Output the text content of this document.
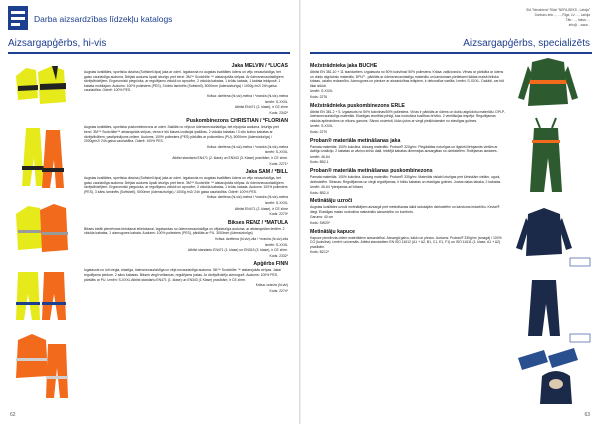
Darba aizsardzības līdzekļu katalogs
Aizsargapģērbs, hi-vis
Jaka MELVIN / *LUCAS

Augstas kvalitātes, sportiska dizaina (Softshell-tipa) jaka ar oderi. Izgatavota no augstas kvalitātes ūdens un vēju necaurlaidīga, bet gaisu caurlaidīga auduma. Ārējais audums ūpaši izturīgs pret berzi. 3M™ Scotchlite ™ atstarojošās strīpas. Ar ūdensnecaurlaidīgiem rāvējslēdzējiem. Ergonomiski pieguloša, ar regulējamu vidukli un aprocēm, 2 vidukļa kabatas, 1 krūšu kabata, 1 kabata iekšpusē, 1 kabata mobilajam. Audums: 100% poliesters (PES), 3 kārtu laminēts (Softshell), 5000mm (ūdensizturīgs) / 1000g /m2/ 24h gaisa caurlaidība. Oderē: 100% PES.

Krāsa: dzeltena (hi-viz)-melna / *oranža (hi-viz)-melna

Izmēri: S-XXXL

Atbilst EN471 (2. klase), ir CE zīme

Kods: 2342*

Puskombinezons CHRISTIAN / *FLORIAN

Augstas kvalitātes, sportiska puskombinezons ar oderi. Saklāts no vēja un ūdensnecaurlaidīga, bet elpojoša auduma. Izturīgs pret berzi. 3M™ Scotchlite™ atstarojošās strīpas, viena ir tūš klases izolācijai ipašības. 2 vidukļa kabatas / 3 citu kutiņu kabatas ar rāvējslēdžiem, pastiprinājums ceļiem. Audums: 100% poliesters (PES) pārklāts ar poliuretānu (PU), 5000mm (ūdensizturīgs) / 2000g/m2/ 24h gaisa caurlaidība. Oderē: 100% PES.

Krāsa: dzeltena (hi-viz)-melna / *oranža (hi-viz)-melna

Izmēri: S-XXXL

Atbilst standartu EN471 (2. klase) un EN343 (3. Klase) prasībām, ir CE zīme.

Kods: 2271*

Jaka SAM / *BILL

Augstas kvalitātes, sportiska dizaina (Softshell-tipa) jaka ar oderi. Izgatavota no augstas kvalitātes ūdens un vēju necaurlaidīga, bet gaisu caurlaidīga auduma. Ārējais audums ūpaši izturīgs pret berzi. 3M™ Scotchlite ™ atstarojošās strīpas. Ar ūdensnecaurlaidīgiem rāvējslēdzējiem. Ergonomiski pieguloša, ar regulējamu vidukli un aprocēm, 2 vidukļa kabatas, 1 krūšu kabata. Audums: 100% poliesters (PES), 3 kārtu laminēts (Softshell), 5000mm (ūdensizturīgs) / 1000g /m2/ 24h gaisa caurlaidība. Oderē: 100% PES.

Krāsa: dzeltena (hi-viz)-melna / *oranža (hi-viz)-melna

Izmēri: S-XXXL

Atbilst EN471 (2. klase), ir CE zīme

Kods: 2273*

Bikses RENZ / *MATULA

Bikses ideāli piemērotas lietošanai ielietošanai. Izgatavotas no ūdensnecaurlaidīga un vējaizturīga auduma, ar atstarojošām lentēm. 2 vidukļa kabatas, 1 aizmugures kabata. Audums: 100% poliesters (PES), pārklāts ar PU. 3000mm (ūdensizturīgs)

Krāsa: dzeltena (hi-viz)-zila / *oranža (hi-viz)-zila

Izmēri: S-XXXL

Atbilst standartu EN471 (1. klase) un EN343 (3. klase), ir CE zīme.

Kods: 2332*

Apģērbs FINN

Izgatavots no ļoti viegla, elastīga, ūdensnecaurlaidīga un vēja necaurlaidīga auduma. 3M™ Scotchlite ™ atstarojošās strīpas. Jakai regulējama piedure, 2 sānu kabatas. Bikses viegli velkamas, regulējams jostas. Ar rāvējslēdzēju aizmugurē. Audums: 100% PES, pārklāts ar PU. Izmēri: S-XXXL Atbilst standartu EN471 (1. klase) un EN343 (1 Klase) prasībām, ir CE zīme.

Krāsa: oranža (hi-viz)

Kods: 2274*

62
SIA "Neoshiera" Rīdzi "NEFA-BEKS - Latvija"
Dunbaru iela ..., ..., Rīga, LV- ..., Latvija
Tālr.: ..., fakss: ...
info@... www...
Aizsargapģērbs, specializēts
Mežstrādnieka jaka BUCHE

Atbilst EN 381-10 + 11 standartiem. Izgatavota no 50% kokvilnai/ 50% poliestera. Krāsa: zaļš/oranža. Vēnas ar pārklāta ar ūdens un dubļu atgrūdošu materiālu. DPLP - pārklāts ar ūdensnecaurlaidīgu materiālu un karstumam pietiekami šādas maisā lieliska krāsas, uzlabo redzamību. Aizmugures un piedure ar aizsardzības ielāpiem, ir dekoratīva vastīta. Izmēri: S-XXXL. Dažādi, var būt tikai izšūdi.

Izmēri: S-XXXL

Kods: 2276

Mežstrādnieka puskombinezons ERLE

Atbilst EN 381-2 + 5. Izgatavots no 50% kokvilnas/50% poliestera. Vīnas ir pārklāts ar ūdens un dubļu atgrūdošu materiālu. DPLP- ūdensnecaurlaidīgs materiāls. Elastīgas iecelētai pilnīgi, kas nodrošina kustības brīvību. 2 ventilācijas iespēja. Regulējamas vidukļa aptiecināms un elkonu garums. Sānos novietoti, lūdzu jutos ar viegli piekļūstamām no elastīgas gultnes.

Izmēri: S-XXXL

Kods: 2270

Proban® materiāla metināšanas jaka

Pamata materiāls: 100% kokvilna. Aizsarg materiāls: Proban® 320g/m². Piegādātas noturīgas un ilgstoši lietojamās vietām ar dabīgu izolāciju. 2 kabatas ar vāciņu krūšu daļā. Iekšējā kabatas dimensijas aizsargātas no dzirkstelēm. Rotējamas aizdares.

Izmēri: 46-64

Kods: 8B2-1

Proban® materiāla metināšanas puskombinezons

Pamata materiāls: 100% kokvilna. Aizsarg materiāls: Proban® 330g/m². Materiāls vislabi izturīgas pret ķīmiskām vielām, uguni, dzirkstelēm. Siksnas: Regulējamas un viegli regulējamas, ir bikšu kabatas un elastīgas gultnes. Jostas daļas labaka, 2 kabatas.

Izmēri: 46-64 *pieejamas arī bikses

Kods: 8B2-4

Metinātāju uzroči

Augstas kvalitātes uzroči metinātājiem aizsargā pret metināšanas laikā radušajām dzirkstelēm un karstuma iedarbību. Kevlar® diegi. Elastīgas malas nodrošina maksimālu aizsardzību un komfortu.

Garums: 40 cm

Kods: SW20*

Metinātāju kapuce

Kapuce piemērota citiem materiāliem aizsardzībai. Aizsargā galvu, kaklu un plecus. Audums: Proban® 330g/m² (smagā) / 100% CO (kokvilna). Izmēri: universāls. Atbilst standartiem EN ISO 11612 (A1 + A2, B1, C1, E1, F1) un ISO 11611 (1. klase, A1 + A2) prasībām.

Kods: BZ12*

63
